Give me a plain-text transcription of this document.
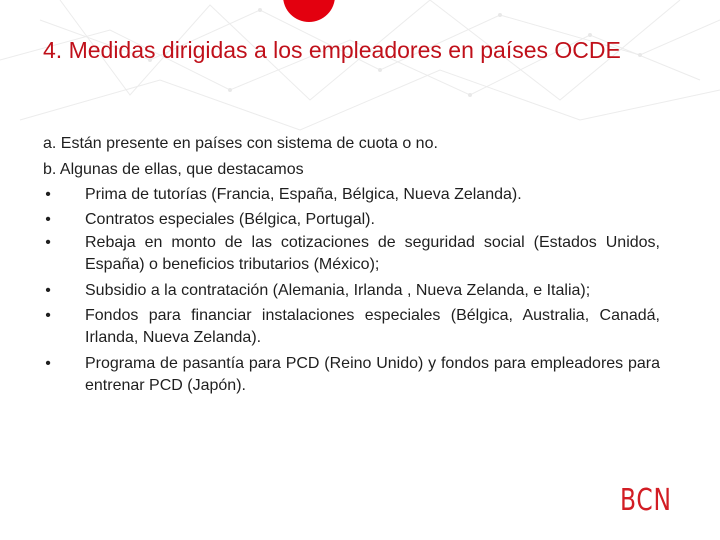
4. Medidas dirigidas a los empleadores en países OCDE
a. Están presente en países con sistema de cuota o no.
b. Algunas de ellas, que destacamos
• Prima de tutorías (Francia, España, Bélgica, Nueva Zelanda).
• Contratos especiales (Bélgica, Portugal).
• Rebaja en monto de las cotizaciones de seguridad social (Estados Unidos, España) o beneficios tributarios (México);
• Subsidio a la contratación (Alemania, Irlanda , Nueva Zelanda, e Italia);
• Fondos para financiar instalaciones especiales (Bélgica, Australia, Canadá, Irlanda, Nueva Zelanda).
• Programa de pasantía para PCD (Reino Unido) y fondos para empleadores para entrenar PCD (Japón).
BCN
